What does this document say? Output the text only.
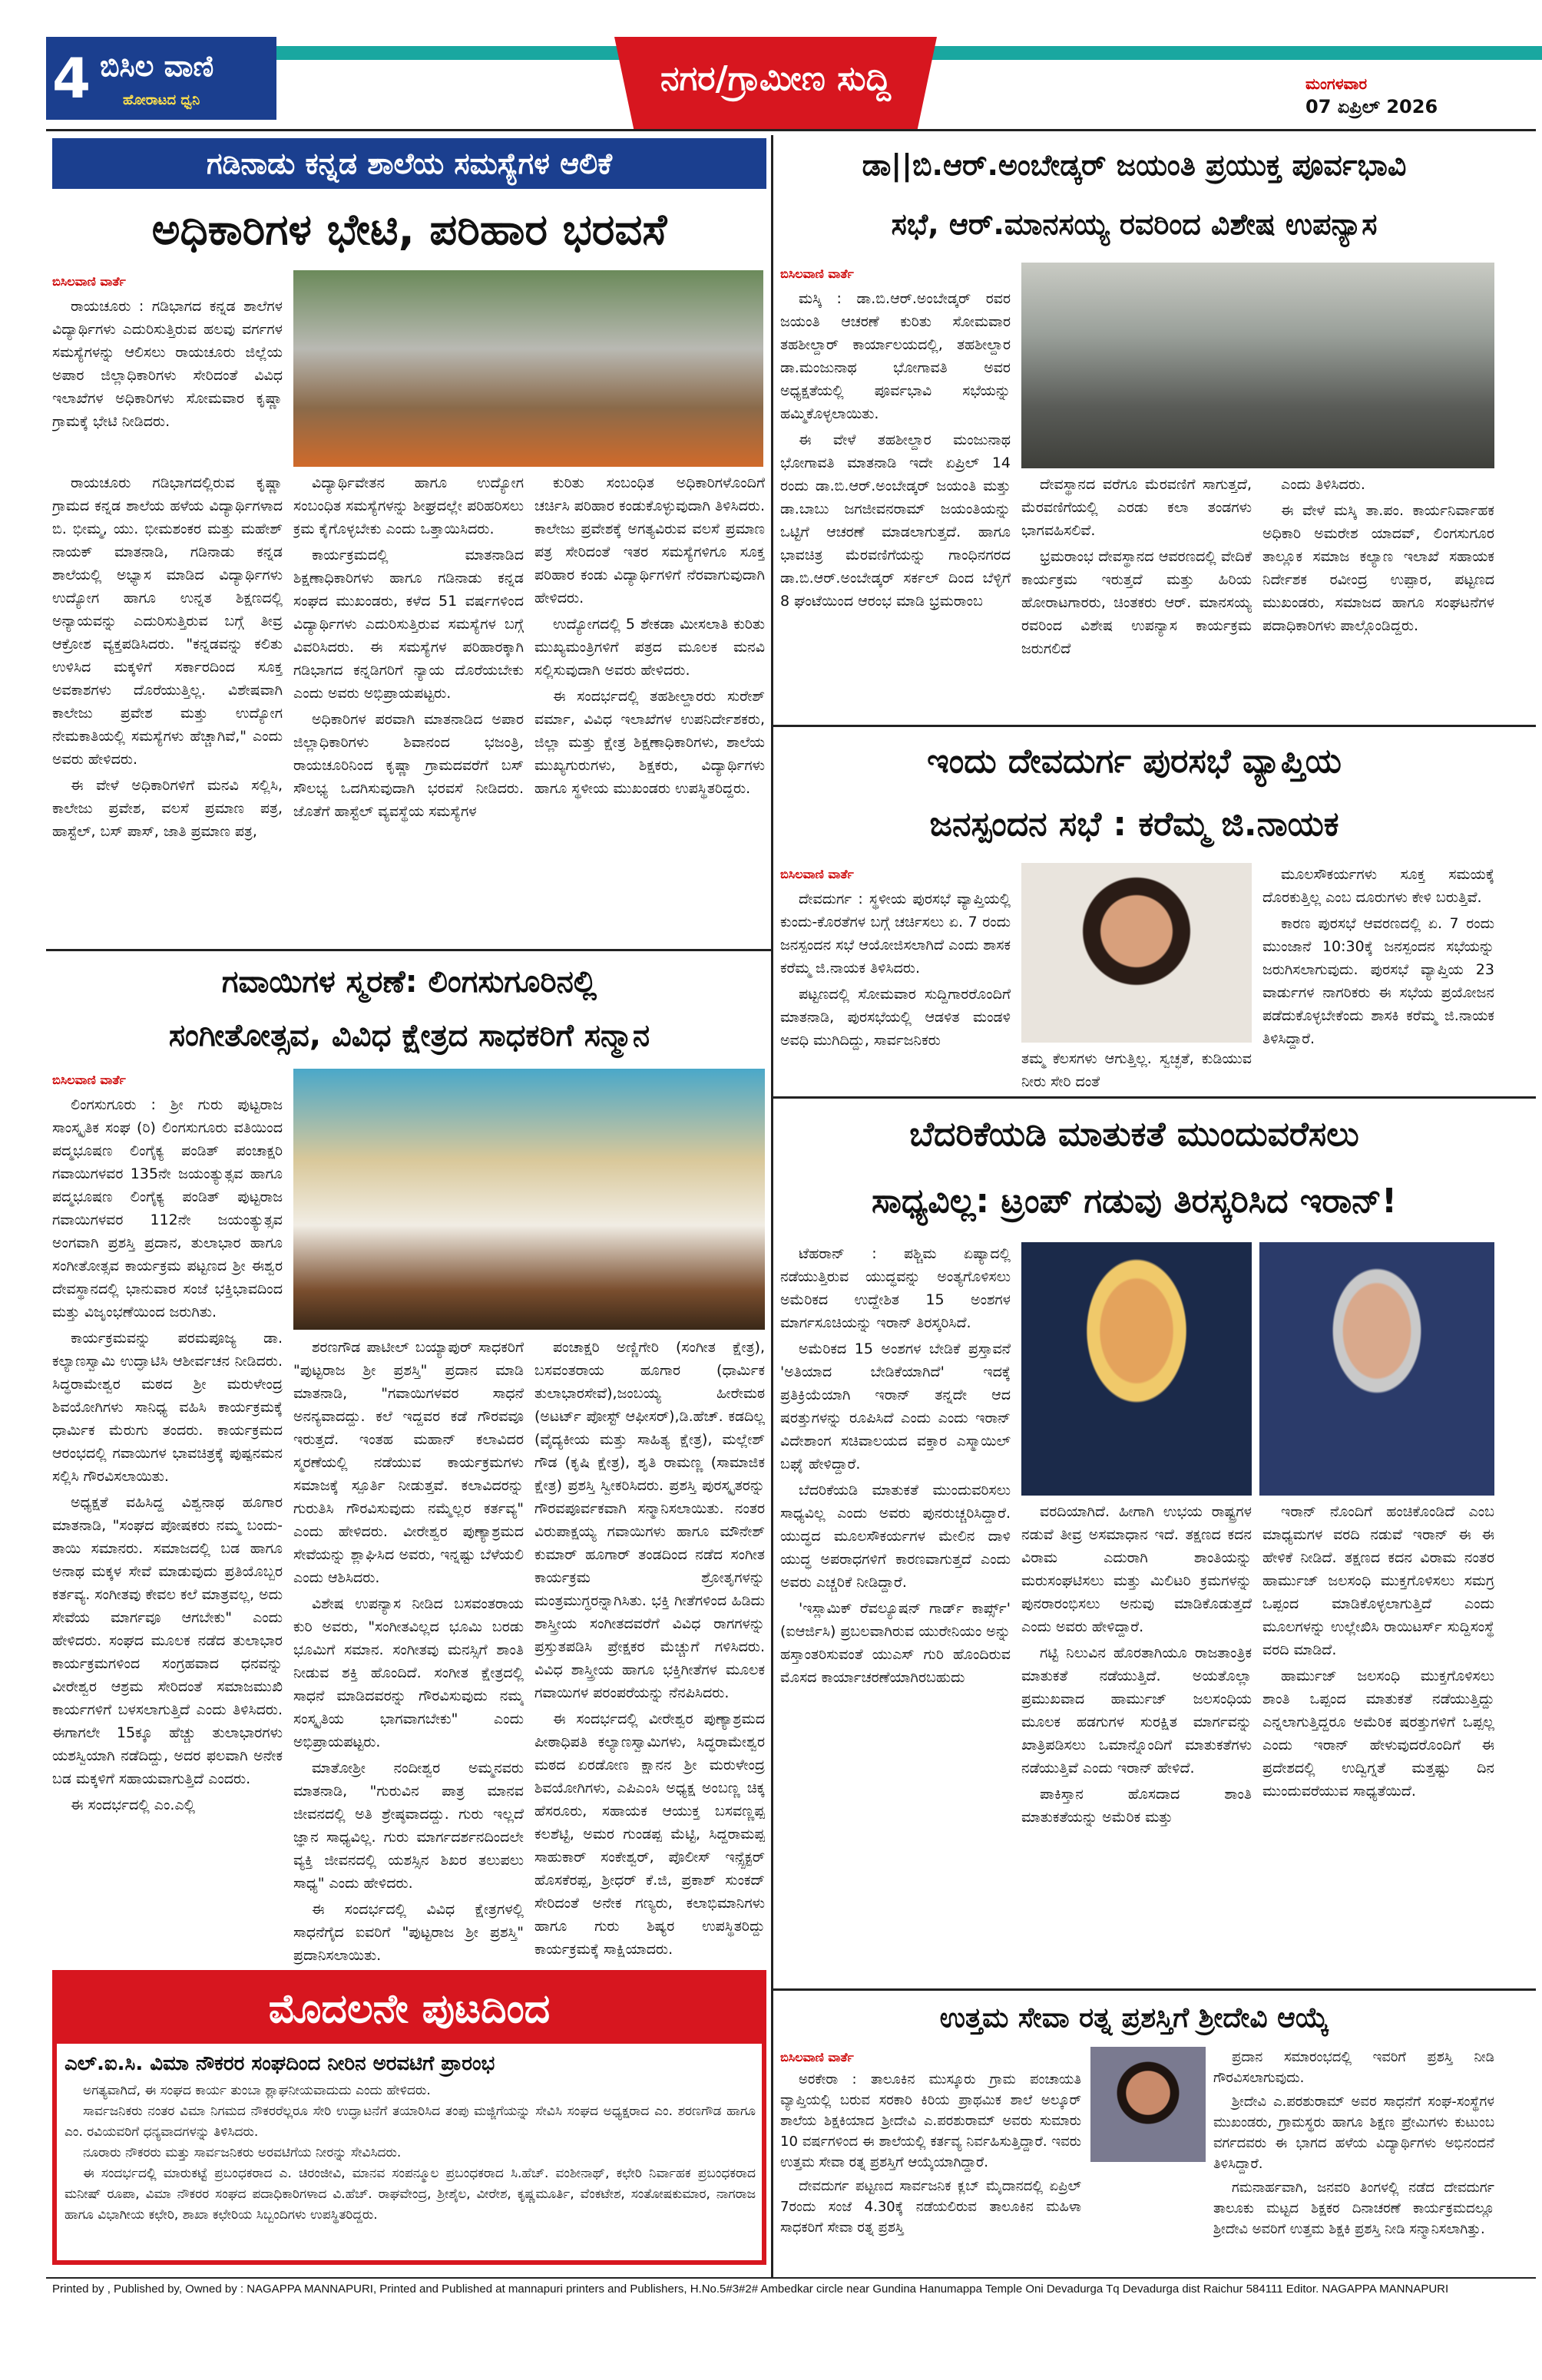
4 ಬಿಸಿಲ ವಾಣಿ
ಹೋರಾಟದ ಧ್ವನಿ
ನಗರ/ಗ್ರಾಮೀಣ ಸುದ್ದಿ	ಮಂಗಳವಾರ
07 ಏಪ್ರಿಲ್ 2026
ಗಡಿನಾಡು ಕನ್ನಡ ಶಾಲೆಯ ಸಮಸ್ಯೆಗಳ ಆಲಿಕೆ
ಅಧಿಕಾರಿಗಳ ಭೇಟಿ, ಪರಿಹಾರ ಭರವಸೆ
ಬಿಸಿಲವಾಣಿ ವಾರ್ತೆ

ರಾಯಚೂರು : ಗಡಿಭಾಗದ ಕನ್ನಡ ಶಾಲೆಗಳ ವಿದ್ಯಾರ್ಥಿಗಳು ಎದುರಿಸುತ್ತಿರುವ ಹಲವು ವರ್ಗಗಳ ಸಮಸ್ಯೆಗಳನ್ನು ಆಲಿಸಲು ರಾಯಚೂರು ಜಿಲ್ಲೆಯ ಅಪಾರ ಜಿಲ್ಲಾಧಿಕಾರಿಗಳು ಸೇರಿದಂತೆ ವಿವಿಧ ಇಲಾಖೆಗಳ ಅಧಿಕಾರಿಗಳು ಸೋಮವಾರ ಕೃಷ್ಣಾ ಗ್ರಾಮಕ್ಕೆ ಭೇಟಿ ನೀಡಿದರು.

ರಾಯಚೂರು ಗಡಿಭಾಗದಲ್ಲಿರುವ ಕೃಷ್ಣಾ ಗ್ರಾಮದ ಕನ್ನಡ ಶಾಲೆಯ ಹಳೆಯ ವಿದ್ಯಾರ್ಥಿಗಳಾದ ಬಿ. ಭೀಮ್ಮ, ಯು. ಭೀಮಶಂಕರ ಮತ್ತು ಮಹೇಶ್ ನಾಯಕ್ ಮಾತನಾಡಿ, ಗಡಿನಾಡು ಕನ್ನಡ ಶಾಲೆಯಲ್ಲಿ ಅಭ್ಯಾಸ ಮಾಡಿದ ವಿದ್ಯಾರ್ಥಿಗಳು ಉದ್ಯೋಗ ಹಾಗೂ ಉನ್ನತ ಶಿಕ್ಷಣದಲ್ಲಿ ಅನ್ಯಾಯವನ್ನು ಎದುರಿಸುತ್ತಿರುವ ಬಗ್ಗೆ ತೀವ್ರ ಆಕ್ರೋಶ ವ್ಯಕ್ತಪಡಿಸಿದರು. "ಕನ್ನಡವನ್ನು ಕಲಿತು ಉಳಿಸಿದ ಮಕ್ಕಳಿಗೆ ಸರ್ಕಾರದಿಂದ ಸೂಕ್ತ ಅವಕಾಶಗಳು ದೊರೆಯುತ್ತಿಲ್ಲ. ವಿಶೇಷವಾಗಿ ಕಾಲೇಜು ಪ್ರವೇಶ ಮತ್ತು ಉದ್ಯೋಗ ನೇಮಕಾತಿಯಲ್ಲಿ ಸಮಸ್ಯೆಗಳು ಹೆಚ್ಚಾಗಿವೆ," ಎಂದು ಅವರು ಹೇಳಿದರು.

ಈ ವೇಳೆ ಅಧಿಕಾರಿಗಳಿಗೆ ಮನವಿ ಸಲ್ಲಿಸಿ, ಕಾಲೇಜು ಪ್ರವೇಶ, ವಲಸೆ ಪ್ರಮಾಣ ಪತ್ರ, ಹಾಸ್ಟೆಲ್, ಬಸ್ ಪಾಸ್, ಜಾತಿ ಪ್ರಮಾಣ ಪತ್ರ,

ವಿದ್ಯಾರ್ಥಿವೇತನ ಹಾಗೂ ಉದ್ಯೋಗ ಸಂಬಂಧಿತ ಸಮಸ್ಯೆಗಳನ್ನು ಶೀಘ್ರದಲ್ಲೇ ಪರಿಹರಿಸಲು ಕ್ರಮ ಕೈಗೊಳ್ಳಬೇಕು ಎಂದು ಒತ್ತಾಯಿಸಿದರು.

ಕಾರ್ಯಕ್ರಮದಲ್ಲಿ ಮಾತನಾಡಿದ ಶಿಕ್ಷಣಾಧಿಕಾರಿಗಳು ಹಾಗೂ ಗಡಿನಾಡು ಕನ್ನಡ ಸಂಘದ ಮುಖಂಡರು, ಕಳೆದ 51 ವರ್ಷಗಳಿಂದ ವಿದ್ಯಾರ್ಥಿಗಳು ಎದುರಿಸುತ್ತಿರುವ ಸಮಸ್ಯೆಗಳ ಬಗ್ಗೆ ವಿವರಿಸಿದರು. ಈ ಸಮಸ್ಯೆಗಳ ಪರಿಹಾರಕ್ಕಾಗಿ ಗಡಿಭಾಗದ ಕನ್ನಡಿಗರಿಗೆ ನ್ಯಾಯ ದೊರೆಯಬೇಕು ಎಂದು ಅವರು ಅಭಿಪ್ರಾಯಪಟ್ಟರು.

ಅಧಿಕಾರಿಗಳ ಪರವಾಗಿ ಮಾತನಾಡಿದ ಅಪಾರ ಜಿಲ್ಲಾಧಿಕಾರಿಗಳು ಶಿವಾನಂದ ಭಜಂತ್ರಿ, ರಾಯಚೂರಿನಿಂದ ಕೃಷ್ಣಾ ಗ್ರಾಮದವರೆಗೆ ಬಸ್ ಸೌಲಭ್ಯ ಒದಗಿಸುವುದಾಗಿ ಭರವಸೆ ನೀಡಿದರು. ಜೊತೆಗೆ ಹಾಸ್ಟೆಲ್ ವ್ಯವಸ್ಥೆಯ ಸಮಸ್ಯೆಗಳ

ಕುರಿತು ಸಂಬಂಧಿತ ಅಧಿಕಾರಿಗಳೊಂದಿಗೆ ಚರ್ಚಿಸಿ ಪರಿಹಾರ ಕಂಡುಕೊಳ್ಳುವುದಾಗಿ ತಿಳಿಸಿದರು. ಕಾಲೇಜು ಪ್ರವೇಶಕ್ಕೆ ಅಗತ್ಯವಿರುವ ವಲಸೆ ಪ್ರಮಾಣ ಪತ್ರ ಸೇರಿದಂತೆ ಇತರ ಸಮಸ್ಯೆಗಳಿಗೂ ಸೂಕ್ತ ಪರಿಹಾರ ಕಂಡು ವಿದ್ಯಾರ್ಥಿಗಳಿಗೆ ನೆರವಾಗುವುದಾಗಿ ಹೇಳಿದರು.

ಉದ್ಯೋಗದಲ್ಲಿ 5 ಶೇಕಡಾ ಮೀಸಲಾತಿ ಕುರಿತು ಮುಖ್ಯಮಂತ್ರಿಗಳಿಗೆ ಪತ್ರದ ಮೂಲಕ ಮನವಿ ಸಲ್ಲಿಸುವುದಾಗಿ ಅವರು ಹೇಳಿದರು.

ಈ ಸಂದರ್ಭದಲ್ಲಿ ತಹಶೀಲ್ದಾರರು ಸುರೇಶ್ ವರ್ಮಾ, ವಿವಿಧ ಇಲಾಖೆಗಳ ಉಪನಿರ್ದೇಶಕರು, ಜಿಲ್ಲಾ ಮತ್ತು ಕ್ಷೇತ್ರ ಶಿಕ್ಷಣಾಧಿಕಾರಿಗಳು, ಶಾಲೆಯ ಮುಖ್ಯಗುರುಗಳು, ಶಿಕ್ಷಕರು, ವಿದ್ಯಾರ್ಥಿಗಳು ಹಾಗೂ ಸ್ಥಳೀಯ ಮುಖಂಡರು ಉಪಸ್ಥಿತರಿದ್ದರು.

ಡಾ||ಬಿ.ಆರ್.ಅಂಬೇಡ್ಕರ್ ಜಯಂತಿ ಪ್ರಯುಕ್ತ ಪೂರ್ವಭಾವಿ
ಸಭೆ, ಆರ್.ಮಾನಸಯ್ಯ ರವರಿಂದ ವಿಶೇಷ ಉಪನ್ಯಾಸ
ಬಿಸಿಲವಾಣಿ ವಾರ್ತೆ

ಮಸ್ಕಿ : ಡಾ.ಬಿ.ಆರ್.ಅಂಬೇಡ್ಕರ್ ರವರ ಜಯಂತಿ ಆಚರಣೆ ಕುರಿತು ಸೋಮವಾರ ತಹಶೀಲ್ದಾರ್ ಕಾರ್ಯಾಲಯದಲ್ಲಿ, ತಹಶೀಲ್ದಾರ ಡಾ.ಮಂಜುನಾಥ ಭೋಗಾವತಿ ಅವರ ಅಧ್ಯಕ್ಷತೆಯಲ್ಲಿ ಪೂರ್ವಭಾವಿ ಸಭೆಯನ್ನು ಹಮ್ಮಿಕೊಳ್ಳಲಾಯಿತು.

ಈ ವೇಳೆ ತಹಶೀಲ್ದಾರ ಮಂಜುನಾಥ ಭೋಗಾವತಿ ಮಾತನಾಡಿ ಇದೇ ಏಪ್ರಿಲ್ 14 ರಂದು ಡಾ.ಬಿ.ಆರ್.ಅಂಬೇಡ್ಕರ್ ಜಯಂತಿ ಮತ್ತು ಡಾ.ಬಾಬು ಜಗಜೀವನರಾಮ್ ಜಯಂತಿಯನ್ನು ಒಟ್ಟಿಗೆ ಆಚರಣೆ ಮಾಡಲಾಗುತ್ತದೆ. ಹಾಗೂ ಭಾವಚಿತ್ರ ಮೆರವಣಿಗೆಯನ್ನು ಗಾಂಧಿನಗರದ ಡಾ.ಬಿ.ಆರ್.ಅಂಬೇಡ್ಕರ್ ಸರ್ಕಲ್ ದಿಂದ ಬೆಳ್ಳಿಗೆ 8 ಘಂಟೆಯಿಂದ ಆರಂಭ ಮಾಡಿ ಭ್ರಮರಾಂಬ

ದೇವಸ್ಥಾನದ ವರೆಗೂ ಮೆರವಣಿಗೆ ಸಾಗುತ್ತದೆ, ಮೆರವಣಿಗೆಯಲ್ಲಿ ಎರಡು ಕಲಾ ತಂಡಗಳು ಭಾಗವಹಿಸಲಿವೆ.

ಭ್ರಮರಾಂಭ ದೇವಸ್ಥಾನದ ಆವರಣದಲ್ಲಿ ವೇದಿಕೆ ಕಾರ್ಯಕ್ರಮ ಇರುತ್ತದೆ ಮತ್ತು ಹಿರಿಯ ಹೋರಾಟಗಾರರು, ಚಿಂತಕರು ಆರ್. ಮಾನಸಯ್ಯ ರವರಿಂದ ವಿಶೇಷ ಉಪನ್ಯಾಸ ಕಾರ್ಯಕ್ರಮ ಜರುಗಲಿದೆ

ಎಂದು ತಿಳಿಸಿದರು.

ಈ ವೇಳೆ ಮಸ್ಕಿ ತಾ.ಪಂ. ಕಾರ್ಯನಿರ್ವಾಹಕ ಅಧಿಕಾರಿ ಅಮರೇಶ ಯಾದವ್, ಲಿಂಗಸುಗೂರ ತಾಲ್ಲೂಕ ಸಮಾಜ ಕಲ್ಯಾಣ ಇಲಾಖೆ ಸಹಾಯಕ ನಿರ್ದೇಶಕ ರವೀಂದ್ರ ಉಪ್ಪಾರ, ಪಟ್ಟಣದ ಮುಖಂಡರು, ಸಮಾಜದ ಹಾಗೂ ಸಂಘಟನೆಗಳ ಪದಾಧಿಕಾರಿಗಳು ಪಾಲ್ಗೊಂಡಿದ್ದರು.

ಇಂದು ದೇವದುರ್ಗ ಪುರಸಭೆ ವ್ಯಾಪ್ತಿಯ
ಜನಸ್ಪಂದನ ಸಭೆ : ಕರೆಮ್ಮ ಜಿ.ನಾಯಕ
ಬಿಸಿಲವಾಣಿ ವಾರ್ತೆ

ದೇವದುರ್ಗ : ಸ್ಥಳೀಯ ಪುರಸಭೆ ವ್ಯಾಪ್ತಿಯಲ್ಲಿ ಕುಂದು-ಕೊರತೆಗಳ ಬಗ್ಗೆ ಚರ್ಚಿಸಲು ಏ. 7 ರಂದು ಜನಸ್ಪಂದನ ಸಭೆ ಆಯೋಜಿಸಲಾಗಿದೆ ಎಂದು ಶಾಸಕ ಕರೆಮ್ಮ ಜಿ.ನಾಯಕ ತಿಳಿಸಿದರು.

ಪಟ್ಟಣದಲ್ಲಿ ಸೋಮವಾರ ಸುದ್ದಿಗಾರರೊಂದಿಗೆ ಮಾತನಾಡಿ, ಪುರಸಭೆಯಲ್ಲಿ ಆಡಳಿತ ಮಂಡಳಿ ಅವಧಿ ಮುಗಿದಿದ್ದು, ಸಾರ್ವಜನಿಕರು

ತಮ್ಮ ಕೆಲಸಗಳು ಆಗುತ್ತಿಲ್ಲ. ಸ್ವಚ್ಛತೆ, ಕುಡಿಯುವ ನೀರು ಸೇರಿ ದಂತೆ

ಮೂಲಸೌಕರ್ಯಗಳು ಸೂಕ್ತ ಸಮಯಕ್ಕೆ ದೊರಕುತ್ತಿಲ್ಲ ಎಂಬ ದೂರುಗಳು ಕೇಳಿ ಬರುತ್ತಿವೆ.

ಕಾರಣ ಪುರಸಭೆ ಆವರಣದಲ್ಲಿ ಏ. 7 ರಂದು ಮುಂಜಾನೆ 10:30ಕ್ಕೆ ಜನಸ್ಪಂದನ ಸಭೆಯನ್ನು ಜರುಗಿಸಲಾಗುವುದು. ಪುರಸಭೆ ವ್ಯಾಪ್ತಿಯ 23 ವಾರ್ಡುಗಳ ನಾಗರಿಕರು ಈ ಸಭೆಯ ಪ್ರಯೋಜನ ಪಡೆದುಕೊಳ್ಳಬೇಕೆಂದು ಶಾಸಕಿ ಕರೆಮ್ಮ ಜಿ.ನಾಯಕ ತಿಳಿಸಿದ್ದಾರೆ.

ಗವಾಯಿಗಳ ಸ್ಮರಣೆ: ಲಿಂಗಸುಗೂರಿನಲ್ಲಿ
ಸಂಗೀತೋತ್ಸವ, ವಿವಿಧ ಕ್ಷೇತ್ರದ ಸಾಧಕರಿಗೆ ಸನ್ಮಾನ
ಬಿಸಿಲವಾಣಿ ವಾರ್ತೆ

ಲಿಂಗಸುಗೂರು : ಶ್ರೀ ಗುರು ಪುಟ್ಟರಾಜ ಸಾಂಸ್ಕೃತಿಕ ಸಂಘ (ರಿ) ಲಿಂಗಸುಗೂರು ವತಿಯಿಂದ ಪದ್ಮಭೂಷಣ ಲಿಂಗೈಕ್ಯ ಪಂಡಿತ್ ಪಂಚಾಕ್ಷರಿ ಗವಾಯಿಗಳವರ 135ನೇ ಜಯಂತ್ಯುತ್ಸವ ಹಾಗೂ ಪದ್ಮಭೂಷಣ ಲಿಂಗೈಕ್ಯ ಪಂಡಿತ್ ಪುಟ್ಟರಾಜ ಗವಾಯಿಗಳವರ 112ನೇ ಜಯಂತ್ಯುತ್ಸವ ಅಂಗವಾಗಿ ಪ್ರಶಸ್ತಿ ಪ್ರದಾನ, ತುಲಾಭಾರ ಹಾಗೂ ಸಂಗೀತೋತ್ಸವ ಕಾರ್ಯಕ್ರಮ ಪಟ್ಟಣದ ಶ್ರೀ ಈಶ್ವರ ದೇವಸ್ಥಾನದಲ್ಲಿ ಭಾನುವಾರ ಸಂಜೆ ಭಕ್ತಿಭಾವದಿಂದ ಮತ್ತು ವಿಜೃಂಭಣೆಯಿಂದ ಜರುಗಿತು.

ಕಾರ್ಯಕ್ರಮವನ್ನು ಪರಮಪೂಜ್ಯ ಡಾ. ಕಲ್ಯಾಣಸ್ವಾಮಿ ಉದ್ಘಾಟಿಸಿ ಆಶೀರ್ವಚನ ನೀಡಿದರು. ಸಿದ್ಧರಾಮೇಶ್ವರ ಮಠದ ಶ್ರೀ ಮರುಳೇಂದ್ರ ಶಿವಯೋಗಿಗಳು ಸಾನಿಧ್ಯ ವಹಿಸಿ ಕಾರ್ಯಕ್ರಮಕ್ಕೆ ಧಾರ್ಮಿಕ ಮೆರುಗು ತಂದರು. ಕಾರ್ಯಕ್ರಮದ ಆರಂಭದಲ್ಲಿ ಗವಾಯಿಗಳ ಭಾವಚಿತ್ರಕ್ಕೆ ಪುಷ್ಪನಮನ ಸಲ್ಲಿಸಿ ಗೌರವಿಸಲಾಯಿತು.

ಅಧ್ಯಕ್ಷತೆ ವಹಿಸಿದ್ದ ವಿಶ್ವನಾಥ ಹೂಗಾರ ಮಾತನಾಡಿ, "ಸಂಘದ ಪೋಷಕರು ನಮ್ಮ ಬಂದು-ತಾಯಿ ಸಮಾನರು. ಸಮಾಜದಲ್ಲಿ ಬಡ ಹಾಗೂ ಅನಾಥ ಮಕ್ಕಳ ಸೇವೆ ಮಾಡುವುದು ಪ್ರತಿಯೊಬ್ಬರ ಕರ್ತವ್ಯ. ಸಂಗೀತವು ಕೇವಲ ಕಲೆ ಮಾತ್ರವಲ್ಲ, ಅದು ಸೇವೆಯ ಮಾರ್ಗವೂ ಆಗಬೇಕು" ಎಂದು ಹೇಳಿದರು. ಸಂಘದ ಮೂಲಕ ನಡೆದ ತುಲಾಭಾರ ಕಾರ್ಯಕ್ರಮಗಳಿಂದ ಸಂಗ್ರಹವಾದ ಧನವನ್ನು ವೀರೇಶ್ವರ ಆಶ್ರಮ ಸೇರಿದಂತೆ ಸಮಾಜಮುಖಿ ಕಾರ್ಯಗಳಿಗೆ ಬಳಸಲಾಗುತ್ತಿದೆ ಎಂದು ತಿಳಿಸಿದರು. ಈಗಾಗಲೇ 15ಕ್ಕೂ ಹೆಚ್ಚು ತುಲಾಭಾರಗಳು ಯಶಸ್ವಿಯಾಗಿ ನಡೆದಿದ್ದು, ಅದರ ಫಲವಾಗಿ ಅನೇಕ ಬಡ ಮಕ್ಕಳಿಗೆ ಸಹಾಯವಾಗುತ್ತಿದೆ ಎಂದರು.

ಈ ಸಂದರ್ಭದಲ್ಲಿ ಎಂ.ಎಲ್ಲಿ

ಶರಣಗೌಡ ಪಾಟೀಲ್ ಬಯ್ಯಾಪುರ್ ಸಾಧಕರಿಗೆ "ಪುಟ್ಟರಾಜ ಶ್ರೀ ಪ್ರಶಸ್ತಿ" ಪ್ರದಾನ ಮಾಡಿ ಮಾತನಾಡಿ, "ಗವಾಯಿಗಳವರ ಸಾಧನೆ ಅನನ್ಯವಾದದ್ದು. ಕಲೆ ಇದ್ದವರ ಕಡೆ ಗೌರವವೂ ಇರುತ್ತದೆ. ಇಂತಹ ಮಹಾನ್ ಕಲಾವಿದರ ಸ್ಮರಣೆಯಲ್ಲಿ ನಡೆಯುವ ಕಾರ್ಯಕ್ರಮಗಳು ಸಮಾಜಕ್ಕೆ ಸ್ಪೂರ್ತಿ ನೀಡುತ್ತವೆ. ಕಲಾವಿದರನ್ನು ಗುರುತಿಸಿ ಗೌರವಿಸುವುದು ನಮ್ಮೆಲ್ಲರ ಕರ್ತವ್ಯ" ಎಂದು ಹೇಳಿದರು. ವೀರೇಶ್ವರ ಪುಣ್ಯಾಶ್ರಮದ ಸೇವೆಯನ್ನು ಶ್ಲಾಘಿಸಿದ ಅವರು, ಇನ್ನಷ್ಟು ಬೆಳೆಯಲಿ ಎಂದು ಆಶಿಸಿದರು.

ವಿಶೇಷ ಉಪನ್ಯಾಸ ನೀಡಿದ ಬಸವಂತರಾಯ ಕುರಿ ಅವರು, "ಸಂಗೀತವಿಲ್ಲದ ಭೂಮಿ ಬರಡು ಭೂಮಿಗೆ ಸಮಾನ. ಸಂಗೀತವು ಮನಸ್ಸಿಗೆ ಶಾಂತಿ ನೀಡುವ ಶಕ್ತಿ ಹೊಂದಿದೆ. ಸಂಗೀತ ಕ್ಷೇತ್ರದಲ್ಲಿ ಸಾಧನೆ ಮಾಡಿದವರನ್ನು ಗೌರವಿಸುವುದು ನಮ್ಮ ಸಂಸ್ಕೃತಿಯ ಭಾಗವಾಗಬೇಕು" ಎಂದು ಅಭಿಪ್ರಾಯಪಟ್ಟರು.

ಮಾತೋಶ್ರೀ ನಂದೀಶ್ವರ ಅಮ್ಮನವರು ಮಾತನಾಡಿ, "ಗುರುವಿನ ಪಾತ್ರ ಮಾನವ ಜೀವನದಲ್ಲಿ ಅತಿ ಶ್ರೇಷ್ಠವಾದದ್ದು. ಗುರು ಇಲ್ಲದೆ ಜ್ಞಾನ ಸಾಧ್ಯವಿಲ್ಲ. ಗುರು ಮಾರ್ಗದರ್ಶನದಿಂದಲೇ ವ್ಯಕ್ತಿ ಜೀವನದಲ್ಲಿ ಯಶಸ್ಸಿನ ಶಿಖರ ತಲುಪಲು ಸಾಧ್ಯ" ಎಂದು ಹೇಳಿದರು.

ಈ ಸಂದರ್ಭದಲ್ಲಿ ವಿವಿಧ ಕ್ಷೇತ್ರಗಳಲ್ಲಿ ಸಾಧನೆಗೈದ ಐವರಿಗೆ "ಪುಟ್ಟರಾಜ ಶ್ರೀ ಪ್ರಶಸ್ತಿ" ಪ್ರದಾನಿಸಲಾಯಿತು.

ಪಂಚಾಕ್ಷರಿ ಅಣ್ಣಿಗೇರಿ (ಸಂಗೀತ ಕ್ಷೇತ್ರ), ಬಸವಂತರಾಯ ಹೂಗಾರ (ಧಾರ್ಮಿಕ ತುಲಾಭಾರಸೇವೆ),ಜಂಬಯ್ಯ ಹೀರೇಮಠ (ಅಟರ್ಟ್ ಪೋಸ್ಟ್ ಆಫೀಸರ್),ಡಿ.ಹೆಚ್. ಕಡದಿಲ್ಲ (ವೈದ್ಯಕೀಯ ಮತ್ತು ಸಾಹಿತ್ಯ ಕ್ಷೇತ್ರ), ಮಲ್ಲೇಶ್ ಗೌಡ (ಕೃಷಿ ಕ್ಷೇತ್ರ), ಶೃತಿ ರಾಮಣ್ಣ (ಸಾಮಾಜಿಕ ಕ್ಷೇತ್ರ) ಪ್ರಶಸ್ತಿ ಸ್ವೀಕರಿಸಿದರು. ಪ್ರಶಸ್ತಿ ಪುರಸ್ಕೃತರನ್ನು ಗೌರವಪೂರ್ವಕವಾಗಿ ಸನ್ಮಾನಿಸಲಾಯಿತು. ನಂತರ ವಿರುಪಾಕ್ಷಯ್ಯ ಗವಾಯಿಗಳು ಹಾಗೂ ಮೌನೇಶ್ ಕುಮಾರ್ ಹೂಗಾರ್ ತಂಡದಿಂದ ನಡೆದ ಸಂಗೀತ ಕಾರ್ಯಕ್ರಮ ಶ್ರೋತೃಗಳನ್ನು ಮಂತ್ರಮುಗ್ಧರನ್ನಾಗಿಸಿತು. ಭಕ್ತಿ ಗೀತೆಗಳಿಂದ ಹಿಡಿದು ಶಾಸ್ತ್ರೀಯ ಸಂಗೀತದವರೆಗೆ ವಿವಿಧ ರಾಗಗಳನ್ನು ಪ್ರಸ್ತುತಪಡಿಸಿ ಪ್ರೇಕ್ಷಕರ ಮೆಚ್ಚುಗೆ ಗಳಿಸಿದರು. ವಿವಿಧ ಶಾಸ್ತ್ರೀಯ ಹಾಗೂ ಭಕ್ತಿಗೀತೆಗಳ ಮೂಲಕ ಗವಾಯಿಗಳ ಪರಂಪರೆಯನ್ನು ನೆನಪಿಸಿದರು.

ಈ ಸಂದರ್ಭದಲ್ಲಿ ವೀರೇಶ್ವರ ಪುಣ್ಯಾಶ್ರಮದ ಪೀಠಾಧಿಪತಿ ಕಲ್ಯಾಣಸ್ವಾಮಿಗಳು, ಸಿದ್ಧರಾಮೇಶ್ವರ ಮಠದ ಏರಡೋಣ ಕ್ಷಾನನ ಶ್ರೀ ಮರುಳೇಂದ್ರ ಶಿವಯೋಗಿಗಳು, ಎಪಿಎಂಸಿ ಅಧ್ಯಕ್ಷ ಅಂಬಣ್ಣ ಚಿಕ್ಕ ಹೆಸರೂರು, ಸಹಾಯಕ ಆಯುಕ್ತ ಬಸವಣ್ಣಪ್ಪ ಕಲಶೆಟ್ಟಿ, ಅಮರ ಗುಂಡಪ್ಪ ಮೆಟ್ಟಿ, ಸಿದ್ದರಾಮಪ್ಪ ಸಾಹುಕಾರ್ ಸಂಕೇಶ್ವರ್, ಪೊಲೀಸ್ ಇನ್ಸ್ಪೆಕ್ಟರ್ ಹೊಸಕೆರಪ್ಪ, ಶ್ರೀಧರ್ ಕೆ.ಜಿ, ಪ್ರಕಾಶ್ ಸುಂಕದ್ ಸೇರಿದಂತೆ ಅನೇಕ ಗಣ್ಯರು, ಕಲಾಭಿಮಾನಿಗಳು ಹಾಗೂ ಗುರು ಶಿಷ್ಯರ ಉಪಸ್ಥಿತರಿದ್ದು ಕಾರ್ಯಕ್ರಮಕ್ಕೆ ಸಾಕ್ಷಿಯಾದರು.

ಬೆದರಿಕೆಯಡಿ ಮಾತುಕತೆ ಮುಂದುವರೆಸಲು
ಸಾಧ್ಯವಿಲ್ಲ: ಟ್ರಂಪ್ ಗಡುವು ತಿರಸ್ಕರಿಸಿದ ಇರಾನ್!

ಟೆಹರಾನ್ : ಪಶ್ಚಿಮ ಏಷ್ಯಾದಲ್ಲಿ ನಡೆಯುತ್ತಿರುವ ಯುದ್ಧವನ್ನು ಅಂತ್ಯಗೊಳಿಸಲು ಅಮೆರಿಕದ ಉದ್ದೇಶಿತ 15 ಅಂಶಗಳ ಮಾರ್ಗಸೂಚಿಯನ್ನು ಇರಾನ್ ತಿರಸ್ಕರಿಸಿದೆ.

ಅಮೆರಿಕದ 15 ಅಂಶಗಳ ಬೇಡಿಕೆ ಪ್ರಸ್ತಾವನೆ 'ಅತಿಯಾದ ಬೇಡಿಕೆಯಾಗಿದೆ' ಇದಕ್ಕೆ ಪ್ರತಿಕ್ರಿಯೆಯಾಗಿ ಇರಾನ್ ತನ್ನದೇ ಆದ ಷರತ್ತುಗಳನ್ನು ರೂಪಿಸಿದೆ ಎಂದು ಎಂದು ಇರಾನ್ ವಿದೇಶಾಂಗ ಸಚಿವಾಲಯದ ವಕ್ತಾರ ಎಸ್ಮಾಯಿಲ್ ಬಘೈ ಹೇಳಿದ್ದಾರೆ.

ಬೆದರಿಕೆಯಡಿ ಮಾತುಕತೆ ಮುಂದುವರಿಸಲು ಸಾಧ್ಯವಿಲ್ಲ ಎಂದು ಅವರು ಪುನರುಚ್ಚರಿಸಿದ್ದಾರೆ. ಯುದ್ಧದ ಮೂಲಸೌಕರ್ಯಗಳ ಮೇಲಿನ ದಾಳಿ ಯುದ್ಧ ಅಪರಾಧಗಳಿಗೆ ಕಾರಣವಾಗುತ್ತದೆ ಎಂದು ಅವರು ಎಚ್ಚರಿಕೆ ನೀಡಿದ್ದಾರೆ.

'ಇಸ್ಲಾಮಿಕ್ ರೆವಲ್ಯೂಷನ್ ಗಾರ್ಡ್ ಕಾರ್ಪ್ಸ್' (ಐಆರ್ಜಿಸಿ) ಪ್ರಬಲವಾಗಿರುವ ಯುರೇನಿಯಂ ಅನ್ನು ಹಸ್ತಾಂತರಿಸುವಂತೆ ಯುಎಸ್ ಗುರಿ ಹೊಂದಿರುವ ಮೊಸದ ಕಾರ್ಯಾಚರಣೆಯಾಗಿರಬಹುದು

ವರದಿಯಾಗಿದೆ. ಹೀಗಾಗಿ ಉಭಯ ರಾಷ್ಟ್ರಗಳ ನಡುವೆ ತೀವ್ರ ಅಸಮಾಧಾನ ಇದೆ. ತಕ್ಷಣದ ಕದನ ವಿರಾಮ ಎದುರಾಗಿ ಶಾಂತಿಯನ್ನು ಮರುಸಂಘಟಿಸಲು ಮತ್ತು ಮಿಲಿಟರಿ ಕ್ರಮಗಳನ್ನು ಪುನರಾರಂಭಿಸಲು ಅನುವು ಮಾಡಿಕೊಡುತ್ತದೆ ಎಂದು ಅವರು ಹೇಳಿದ್ದಾರೆ.

ಗಟ್ಟಿ ನಿಲುವಿನ ಹೊರತಾಗಿಯೂ ರಾಜತಾಂತ್ರಿಕ ಮಾತುಕತೆ ನಡೆಯುತ್ತಿದೆ. ಅಯತೊಲ್ಲಾ ಪ್ರಮುಖವಾದ ಹಾರ್ಮುಜ್ ಜಲಸಂಧಿಯ ಮೂಲಕ ಹಡಗುಗಳ ಸುರಕ್ಷಿತ ಮಾರ್ಗವನ್ನು ಖಾತ್ರಿಪಡಿಸಲು ಒಮಾನ್ನೊಂದಿಗೆ ಮಾತುಕತೆಗಳು ನಡೆಯುತ್ತಿವೆ ಎಂದು ಇರಾನ್ ಹೇಳಿದೆ.

ಪಾಕಿಸ್ತಾನ ಹೊಸದಾದ ಶಾಂತಿ ಮಾತುಕತೆಯನ್ನು ಅಮೆರಿಕ ಮತ್ತು

ಇರಾನ್ ನೊಂದಿಗೆ ಹಂಚಿಕೊಂಡಿದೆ ಎಂಬ ಮಾಧ್ಯಮಗಳ ವರದಿ ನಡುವೆ ಇರಾನ್ ಈ ಈ ಹೇಳಿಕೆ ನೀಡಿದೆ. ತಕ್ಷಣದ ಕದನ ವಿರಾಮ ನಂತರ ಹಾರ್ಮುಜ್ ಜಲಸಂಧಿ ಮುಕ್ತಗೊಳಿಸಲು ಸಮಗ್ರ ಒಪ್ಪಂದ ಮಾಡಿಕೊಳ್ಳಲಾಗುತ್ತಿದೆ ಎಂದು ಮೂಲಗಳನ್ನು ಉಲ್ಲೇಖಿಸಿ ರಾಯಿಟರ್ಸ್ ಸುದ್ದಿಸಂಸ್ಥೆ ವರದಿ ಮಾಡಿದೆ.

ಹಾರ್ಮುಜ್ ಜಲಸಂಧಿ ಮುಕ್ತಗೊಳಿಸಲು ಶಾಂತಿ ಒಪ್ಪಂದ ಮಾತುಕತೆ ನಡೆಯುತ್ತಿದ್ದು ಎನ್ನಲಾಗುತ್ತಿದ್ದರೂ ಅಮೆರಿಕ ಷರತ್ತುಗಳಿಗೆ ಒಪ್ಪಲ್ಲ ಎಂದು ಇರಾನ್ ಹೇಳುವುದರೊಂದಿಗೆ ಈ ಪ್ರದೇಶದಲ್ಲಿ ಉದ್ವಿಗ್ನತೆ ಮತ್ತಷ್ಟು ದಿನ ಮುಂದುವರೆಯುವ ಸಾಧ್ಯತೆಯಿದೆ.

ಮೊದಲನೇ ಪುಟದಿಂದ
ಎಲ್.ಐ.ಸಿ. ವಿಮಾ ನೌಕರರ ಸಂಘದಿಂದ ನೀರಿನ ಅರವಟಿಗೆ ಪ್ರಾರಂಭ

ಅಗತ್ಯವಾಗಿದೆ, ಈ ಸಂಘದ ಕಾರ್ಯ ತುಂಬಾ ಶ್ಲಾಘನೀಯವಾದುದು ಎಂದು ಹೇಳಿದರು.

ಸಾರ್ವಜನಿಕರು ನಂತರ ವಿಮಾ ನಿಗಮದ ನೌಕರರೆಲ್ಲರೂ ಸೇರಿ ಉದ್ಘಾಟನೆಗೆ ತಯಾರಿಸಿದ ತಂಪು ಮಜ್ಜಿಗೆಯನ್ನು ಸೇವಿಸಿ ಸಂಘದ ಅಧ್ಯಕ್ಷರಾದ ಎಂ. ಶರಣಗೌಡ ಹಾಗೂ ಎಂ. ರವಿಯವರಿಗೆ ಧನ್ಯವಾದಗಳನ್ನು ತಿಳಿಸಿದರು.

ನೂರಾರು ನೌಕರರು ಮತ್ತು ಸಾರ್ವಜನಿಕರು ಅರವಟಿಗೆಯ ನೀರನ್ನು ಸೇವಿಸಿದರು.

ಈ ಸಂದರ್ಭದಲ್ಲಿ ಮಾರುಕಟ್ಟೆ ಪ್ರಬಂಧಕರಾದ ಎ. ಚಿರಂಜೀವಿ, ಮಾನವ ಸಂಪನ್ಮೂಲ ಪ್ರಬಂಧಕರಾದ ಸಿ.ಹೆಚ್. ವಂಶೀನಾಥ್, ಕಛೇರಿ ನಿರ್ವಾಹಕ ಪ್ರಬಂಧಕರಾದ ಮನೀಷ್ ರೂಪಾ, ವಿಮಾ ನೌಕರರ ಸಂಘದ ಪದಾಧಿಕಾರಿಗಳಾದ ವಿ.ಹೆಚ್. ರಾಘವೇಂದ್ರ, ಶ್ರೀಶೈಲ, ವೀರೇಶ, ಕೃಷ್ಣಮೂರ್ತಿ, ವೆಂಕಟೇಶ, ಸಂತೋಷಕುಮಾರ, ನಾಗರಾಜ ಹಾಗೂ ವಿಭಾಗೀಯ ಕಛೇರಿ, ಶಾಖಾ ಕಛೇರಿಯ ಸಿಬ್ಬಂದಿಗಳು ಉಪಸ್ಥಿತರಿದ್ದರು.

ಉತ್ತಮ ಸೇವಾ ರತ್ನ ಪ್ರಶಸ್ತಿಗೆ ಶ್ರೀದೇವಿ ಆಯ್ಕೆ
ಬಿಸಿಲವಾಣಿ ವಾರ್ತೆ

ಅರಕೇರಾ : ತಾಲೂಕಿನ ಮುಸ್ಕೂರು ಗ್ರಾಮ ಪಂಚಾಯತಿ ವ್ಯಾಪ್ತಿಯಲ್ಲಿ ಬರುವ ಸರಕಾರಿ ಕಿರಿಯ ಪ್ರಾಥಮಿಕ ಶಾಲೆ ಅಲ್ಕೂರ್ ಶಾಲೆಯ ಶಿಕ್ಷಕಿಯಾದ ಶ್ರೀದೇವಿ ಎ.ಪರಶುರಾಮ್ ಅವರು ಸುಮಾರು 10 ವರ್ಷಗಳಿಂದ ಈ ಶಾಲೆಯಲ್ಲಿ ಕರ್ತವ್ಯ ನಿರ್ವಹಿಸುತ್ತಿದ್ದಾರೆ. ಇವರು ಉತ್ತಮ ಸೇವಾ ರತ್ನ ಪ್ರಶಸ್ತಿಗೆ ಆಯ್ಕೆಯಾಗಿದ್ದಾರೆ.

ದೇವದುರ್ಗ ಪಟ್ಟಣದ ಸಾರ್ವಜನಿಕ ಕ್ಲಬ್ ಮೈದಾನದಲ್ಲಿ ಏಪ್ರಿಲ್ 7ರಂದು ಸಂಜೆ 4.30ಕ್ಕೆ ನಡೆಯಲಿರುವ ತಾಲೂಕಿನ ಮಹಿಳಾ ಸಾಧಕರಿಗೆ ಸೇವಾ ರತ್ನ ಪ್ರಶಸ್ತಿ

ಪ್ರದಾನ ಸಮಾರಂಭದಲ್ಲಿ ಇವರಿಗೆ ಪ್ರಶಸ್ತಿ ನೀಡಿ ಗೌರವಿಸಲಾಗುವುದು.

ಶ್ರೀದೇವಿ ಎ.ಪರಶುರಾಮ್ ಅವರ ಸಾಧನೆಗೆ ಸಂಘ-ಸಂಸ್ಥೆಗಳ ಮುಖಂಡರು, ಗ್ರಾಮಸ್ಥರು ಹಾಗೂ ಶಿಕ್ಷಣ ಪ್ರೇಮಿಗಳು ಕುಟುಂಬ ವರ್ಗದವರು ಈ ಭಾಗದ ಹಳೆಯ ವಿದ್ಯಾರ್ಥಿಗಳು ಅಭಿನಂದನೆ ತಿಳಿಸಿದ್ದಾರೆ.

ಗಮನಾರ್ಹವಾಗಿ, ಜನವರಿ ತಿಂಗಳಲ್ಲಿ ನಡೆದ ದೇವದುರ್ಗ ತಾಲೂಕು ಮಟ್ಟದ ಶಿಕ್ಷಕರ ದಿನಾಚರಣೆ ಕಾರ್ಯಕ್ರಮದಲ್ಲೂ ಶ್ರೀದೇವಿ ಅವರಿಗೆ ಉತ್ತಮ ಶಿಕ್ಷಕಿ ಪ್ರಶಸ್ತಿ ನೀಡಿ ಸನ್ಮಾನಿಸಲಾಗಿತ್ತು.

Printed by , Published by, Owned by : NAGAPPA MANNAPURI, Printed and Published at mannapuri printers and Publishers, H.No.5#3#2# Ambedkar circle near Gundina Hanumappa Temple Oni Devadurga Tq Devadurga dist Raichur 584111 Editor. NAGAPPA MANNAPURI
